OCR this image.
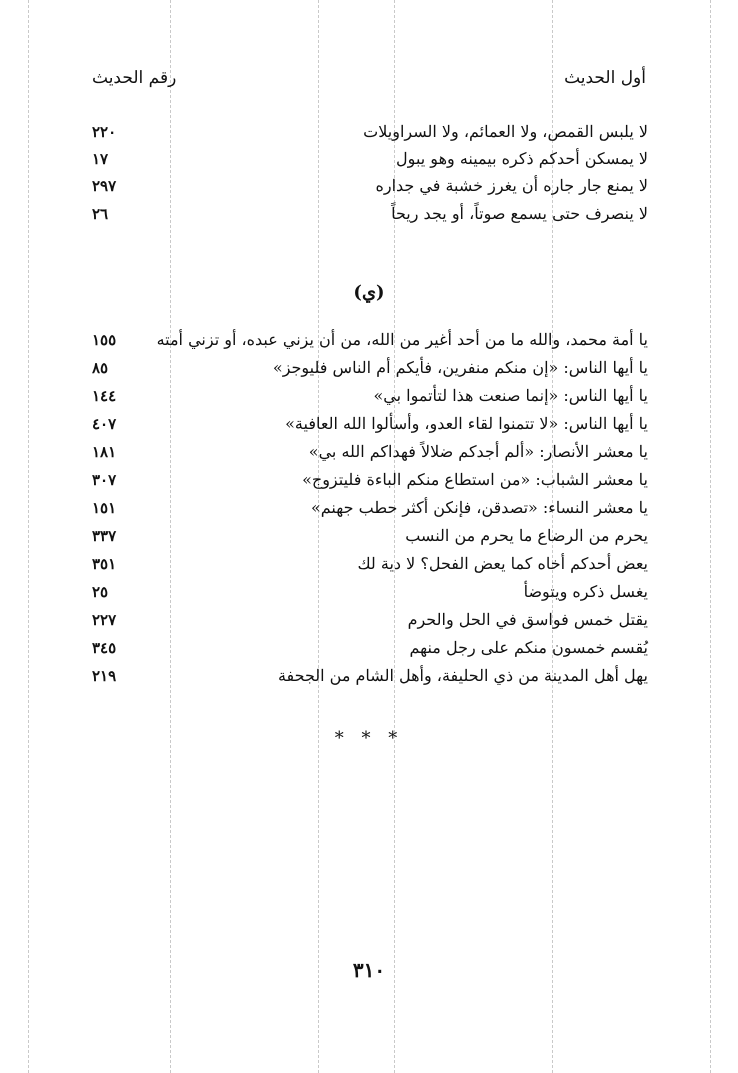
أول الحديث
رقم الحديث
لا يلبس القمص، ولا العمائم، ولا السراويلات
٢٢٠
لا يمسكن أحدكم ذكره بيمينه وهو يبول
١٧
لا يمنع جار جاره أن يغرز خشبة في جداره
٢٩٧
لا ينصرف حتى يسمع صوتاً، أو يجد ريحاً
٢٦
(ي)
يا أمة محمد، والله ما من أحد أغير من الله، من أن يزني عبده، أو تزني أمته
١٥٥
يا أيها الناس: «إن منكم منفرين، فأيكم أم الناس فليوجز»
٨٥
يا أيها الناس: «إنما صنعت هذا لتأتموا بي»
١٤٤
يا أيها الناس: «لا تتمنوا لقاء العدو، وأسألوا الله العافية»
٤٠٧
يا معشر الأنصار: «ألم أجدكم ضلالاً فهداكم الله بي»
١٨١
يا معشر الشباب: «من استطاع منكم الباءة فليتزوج»
٣٠٧
يا معشر النساء: «تصدقن، فإنكن أكثر حطب جهنم»
١٥١
يحرم من الرضاع ما يحرم من النسب
٣٣٧
يعض أحدكم أخاه كما يعض الفحل؟ لا دية لك
٣٥١
يغسل ذكره ويتوضأ
٢٥
يقتل خمس فواسق في الحل والحرم
٢٢٧
يُقسم خمسون منكم على رجل منهم
٣٤٥
يهل أهل المدينة من ذي الحليفة، وأهل الشام من الجحفة
٢١٩
* * *
٣١٠
